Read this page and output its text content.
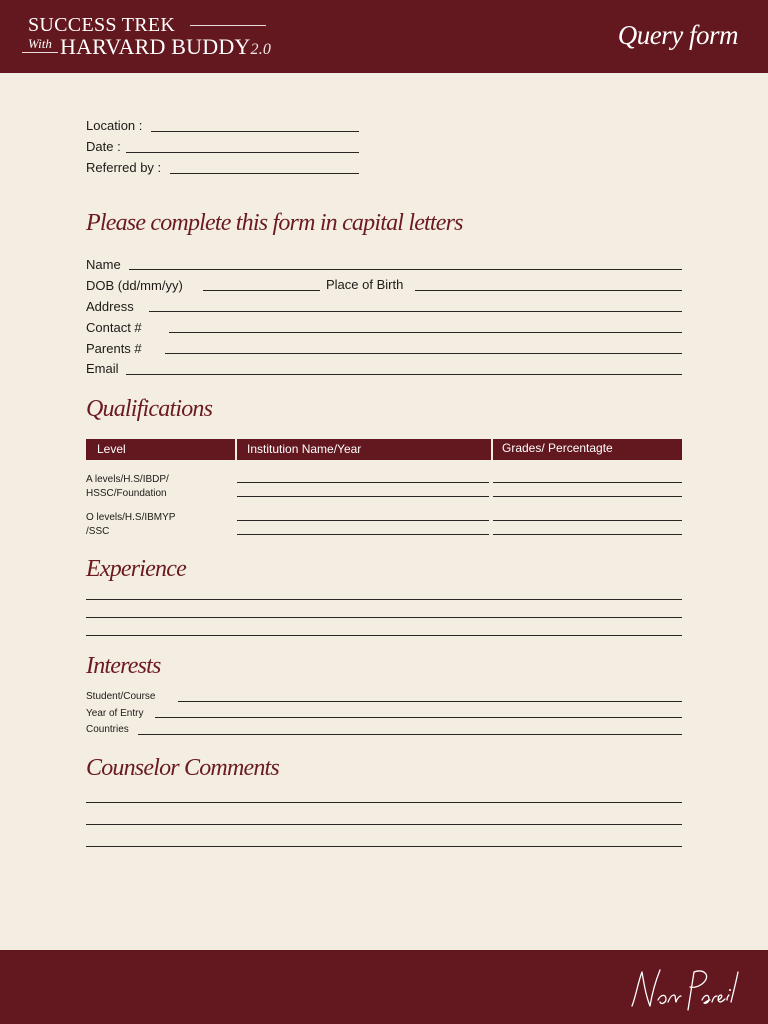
SUCCESS TREK
With HARVARD BUDDY2.0	Query form
Location :
Date :
Referred by :
Please complete this form in capital letters
Name
DOB (dd/mm/yy)	Place of Birth
Address
Contact #
Parents #
Email
Qualifications
Level	Institution Name/Year	Grades/ Percentagte
A levels/H.S/IBDP/
HSSC/Foundation
O levels/H.S/IBMYP
/SSC
Experience
Interests
Student/Course
Year of Entry
Countries
Counselor Comments
